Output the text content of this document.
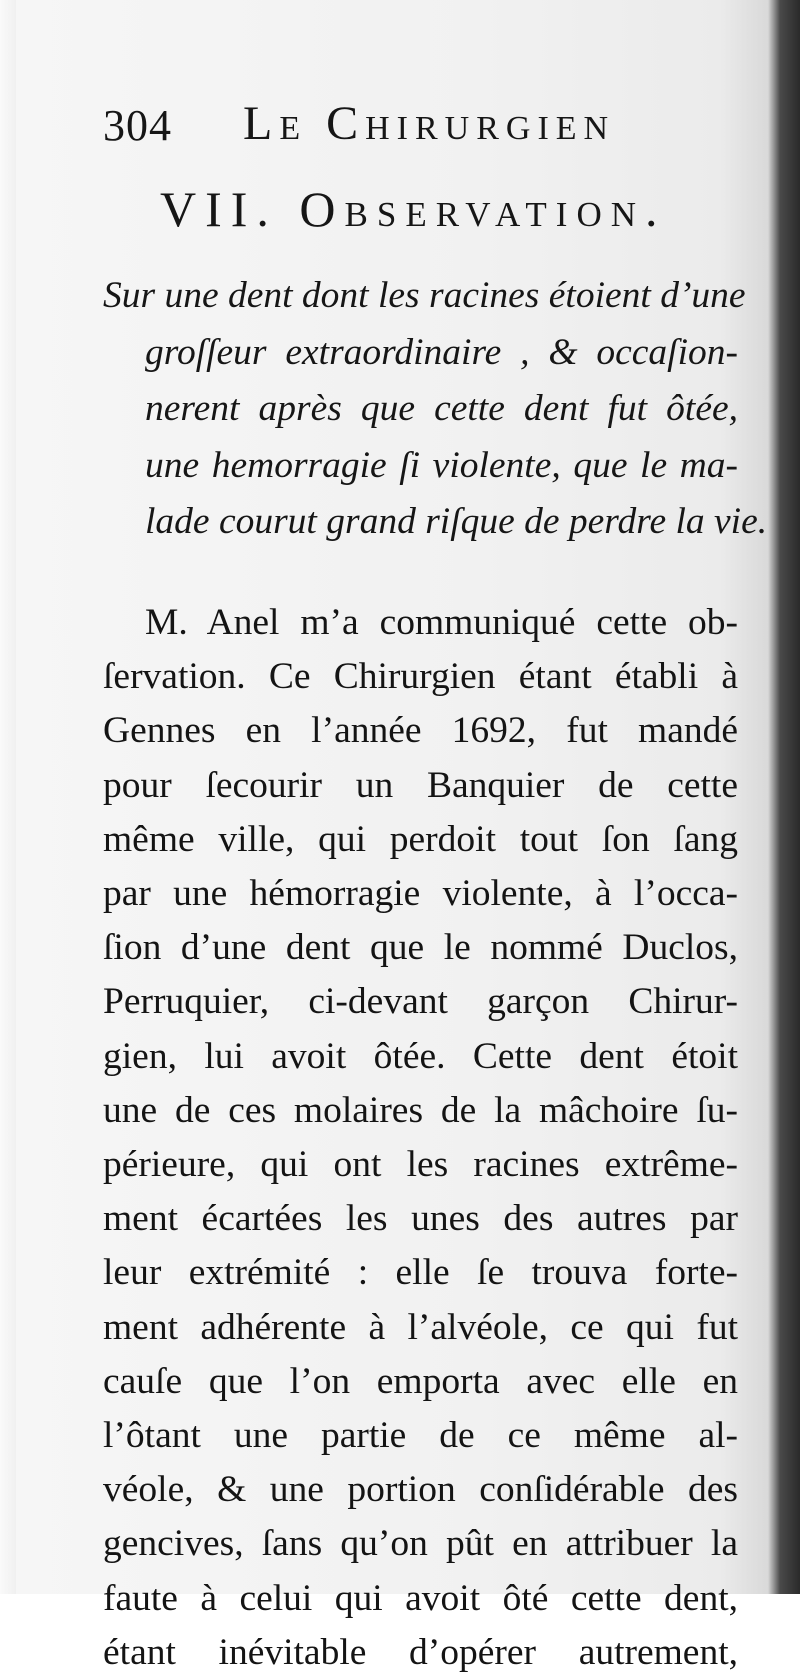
304 Le Chirurgien
VII. Observation.
Sur une dent dont les racines étoient d’une
groſſeur extraordinaire , & occaſion-
nerent après que cette dent fut ôtée,
une hemorragie ſi violente, que le ma-
lade courut grand riſque de perdre la vie.
M. Anel m’a communiqué cette ob-
ſervation. Ce Chirurgien étant établi à
Gennes en l’année 1692, fut mandé
pour ſecourir un Banquier de cette
même ville, qui perdoit tout ſon ſang
par une hémorragie violente, à l’occa-
ſion d’une dent que le nommé Duclos,
Perruquier, ci-devant garçon Chirur-
gien, lui avoit ôtée. Cette dent étoit
une de ces molaires de la mâchoire ſu-
périeure, qui ont les racines extrême-
ment écartées les unes des autres par
leur extrémité : elle ſe trouva forte-
ment adhérente à l’alvéole, ce qui fut
cauſe que l’on emporta avec elle en
l’ôtant une partie de ce même al-
véole, & une portion conſidérable des
gencives, ſans qu’on pût en attribuer la
faute à celui qui avoit ôté cette dent,
étant inévitable d’opérer autrement,
